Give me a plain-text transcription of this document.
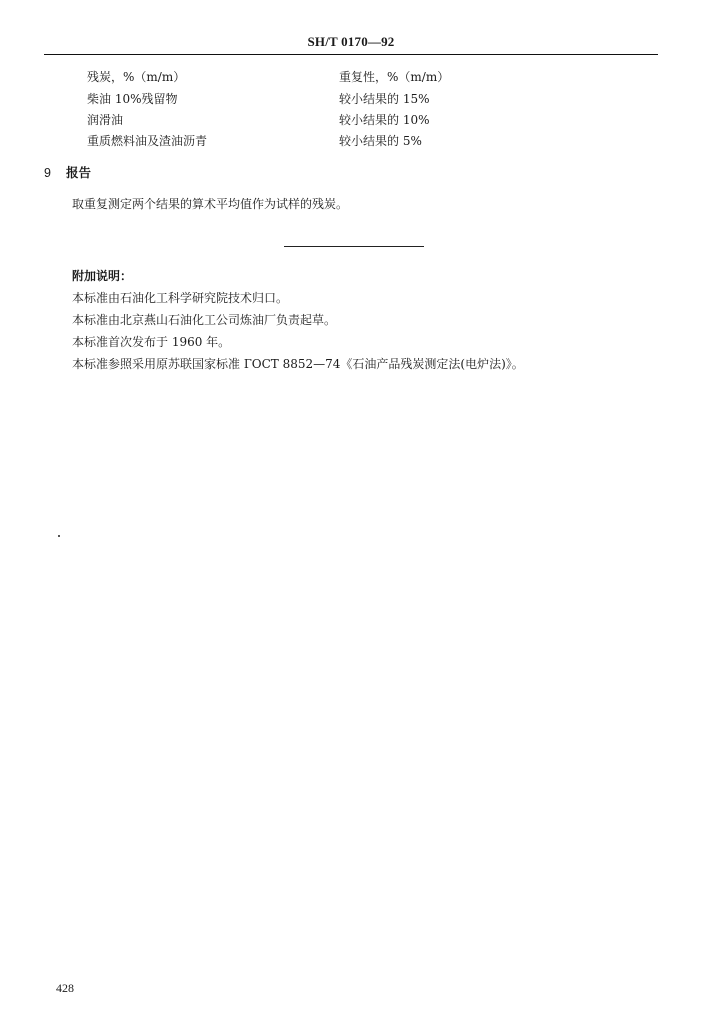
SH/T 0170—92
残炭，%（m/m）	重复性，%（m/m）
柴油 10%残留物	较小结果的 15%
润滑油	较小结果的 10%
重质燃料油及渣油沥青	较小结果的 5%
9 报告
取重复测定两个结果的算术平均值作为试样的残炭。
附加说明：
本标准由石油化工科学研究院技术归口。
本标准由北京燕山石油化工公司炼油厂负责起草。
本标准首次发布于 1960 年。
本标准参照采用原苏联国家标准 ГОСТ 8852—74《石油产品残炭测定法(电炉法)》。
428
